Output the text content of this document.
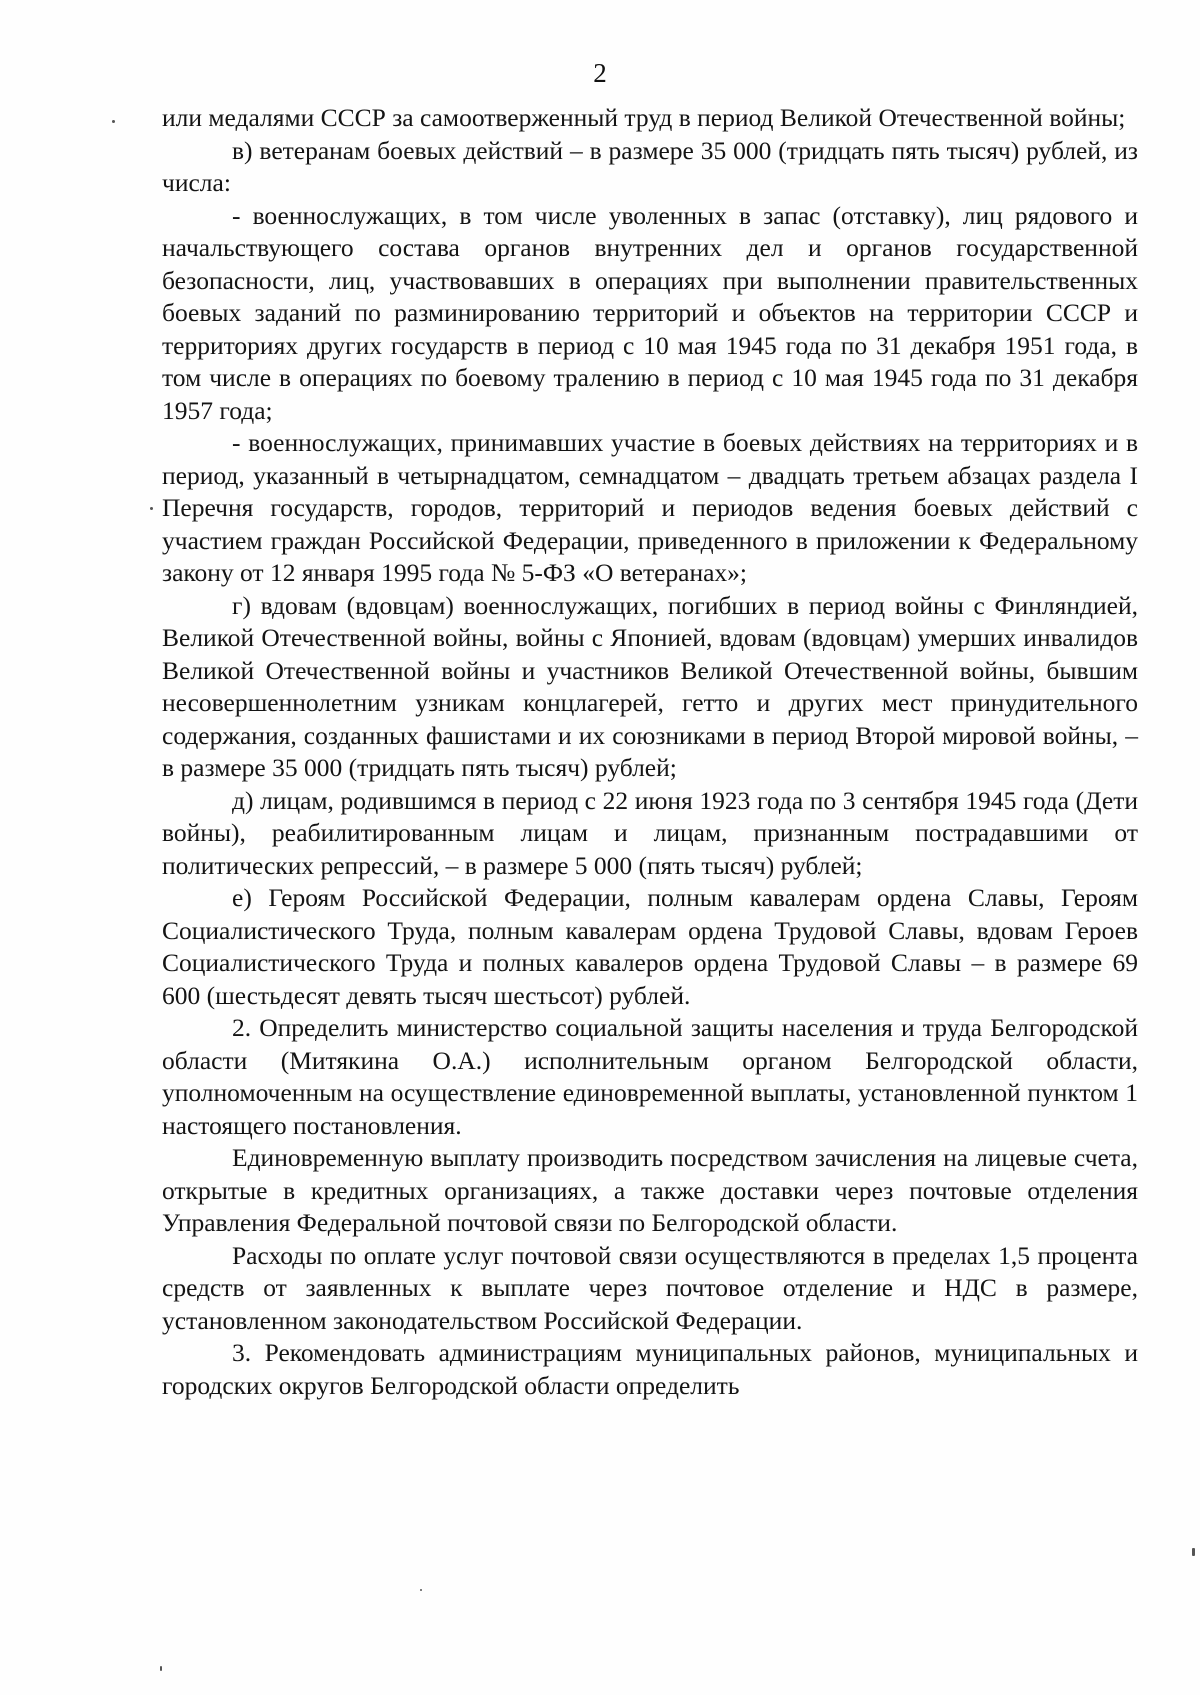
2

или медалями СССР за самоотверженный труд в период Великой Отечественной войны;

в) ветеранам боевых действий – в размере 35 000 (тридцать пять тысяч) рублей, из числа:

- военнослужащих, в том числе уволенных в запас (отставку), лиц рядового и начальствующего состава органов внутренних дел и органов государственной безопасности, лиц, участвовавших в операциях при выполнении правительственных боевых заданий по разминированию территорий и объектов на территории СССР и территориях других государств в период с 10 мая 1945 года по 31 декабря 1951 года, в том числе в операциях по боевому тралению в период с 10 мая 1945 года по 31 декабря 1957 года;

- военнослужащих, принимавших участие в боевых действиях на территориях и в период, указанный в четырнадцатом, семнадцатом – двадцать третьем абзацах раздела I Перечня государств, городов, территорий и периодов ведения боевых действий с участием граждан Российской Федерации, приведенного в приложении к Федеральному закону от 12 января 1995 года № 5-ФЗ «О ветеранах»;

г) вдовам (вдовцам) военнослужащих, погибших в период войны с Финляндией, Великой Отечественной войны, войны с Японией, вдовам (вдовцам) умерших инвалидов Великой Отечественной войны и участников Великой Отечественной войны, бывшим несовершеннолетним узникам концлагерей, гетто и других мест принудительного содержания, созданных фашистами и их союзниками в период Второй мировой войны, – в размере 35 000 (тридцать пять тысяч) рублей;

д) лицам, родившимся в период с 22 июня 1923 года по 3 сентября 1945 года (Дети войны), реабилитированным лицам и лицам, признанным пострадавшими от политических репрессий, – в размере 5 000 (пять тысяч) рублей;

е) Героям Российской Федерации, полным кавалерам ордена Славы, Героям Социалистического Труда, полным кавалерам ордена Трудовой Славы, вдовам Героев Социалистического Труда и полных кавалеров ордена Трудовой Славы – в размере 69 600 (шестьдесят девять тысяч шестьсот) рублей.

2. Определить министерство социальной защиты населения и труда Белгородской области (Митякина О.А.) исполнительным органом Белгородской области, уполномоченным на осуществление единовременной выплаты, установленной пунктом 1 настоящего постановления.

Единовременную выплату производить посредством зачисления на лицевые счета, открытые в кредитных организациях, а также доставки через почтовые отделения Управления Федеральной почтовой связи по Белгородской области.

Расходы по оплате услуг почтовой связи осуществляются в пределах 1,5 процента средств от заявленных к выплате через почтовое отделение и НДС в размере, установленном законодательством Российской Федерации.

3. Рекомендовать администрациям муниципальных районов, муниципальных и городских округов Белгородской области определить
